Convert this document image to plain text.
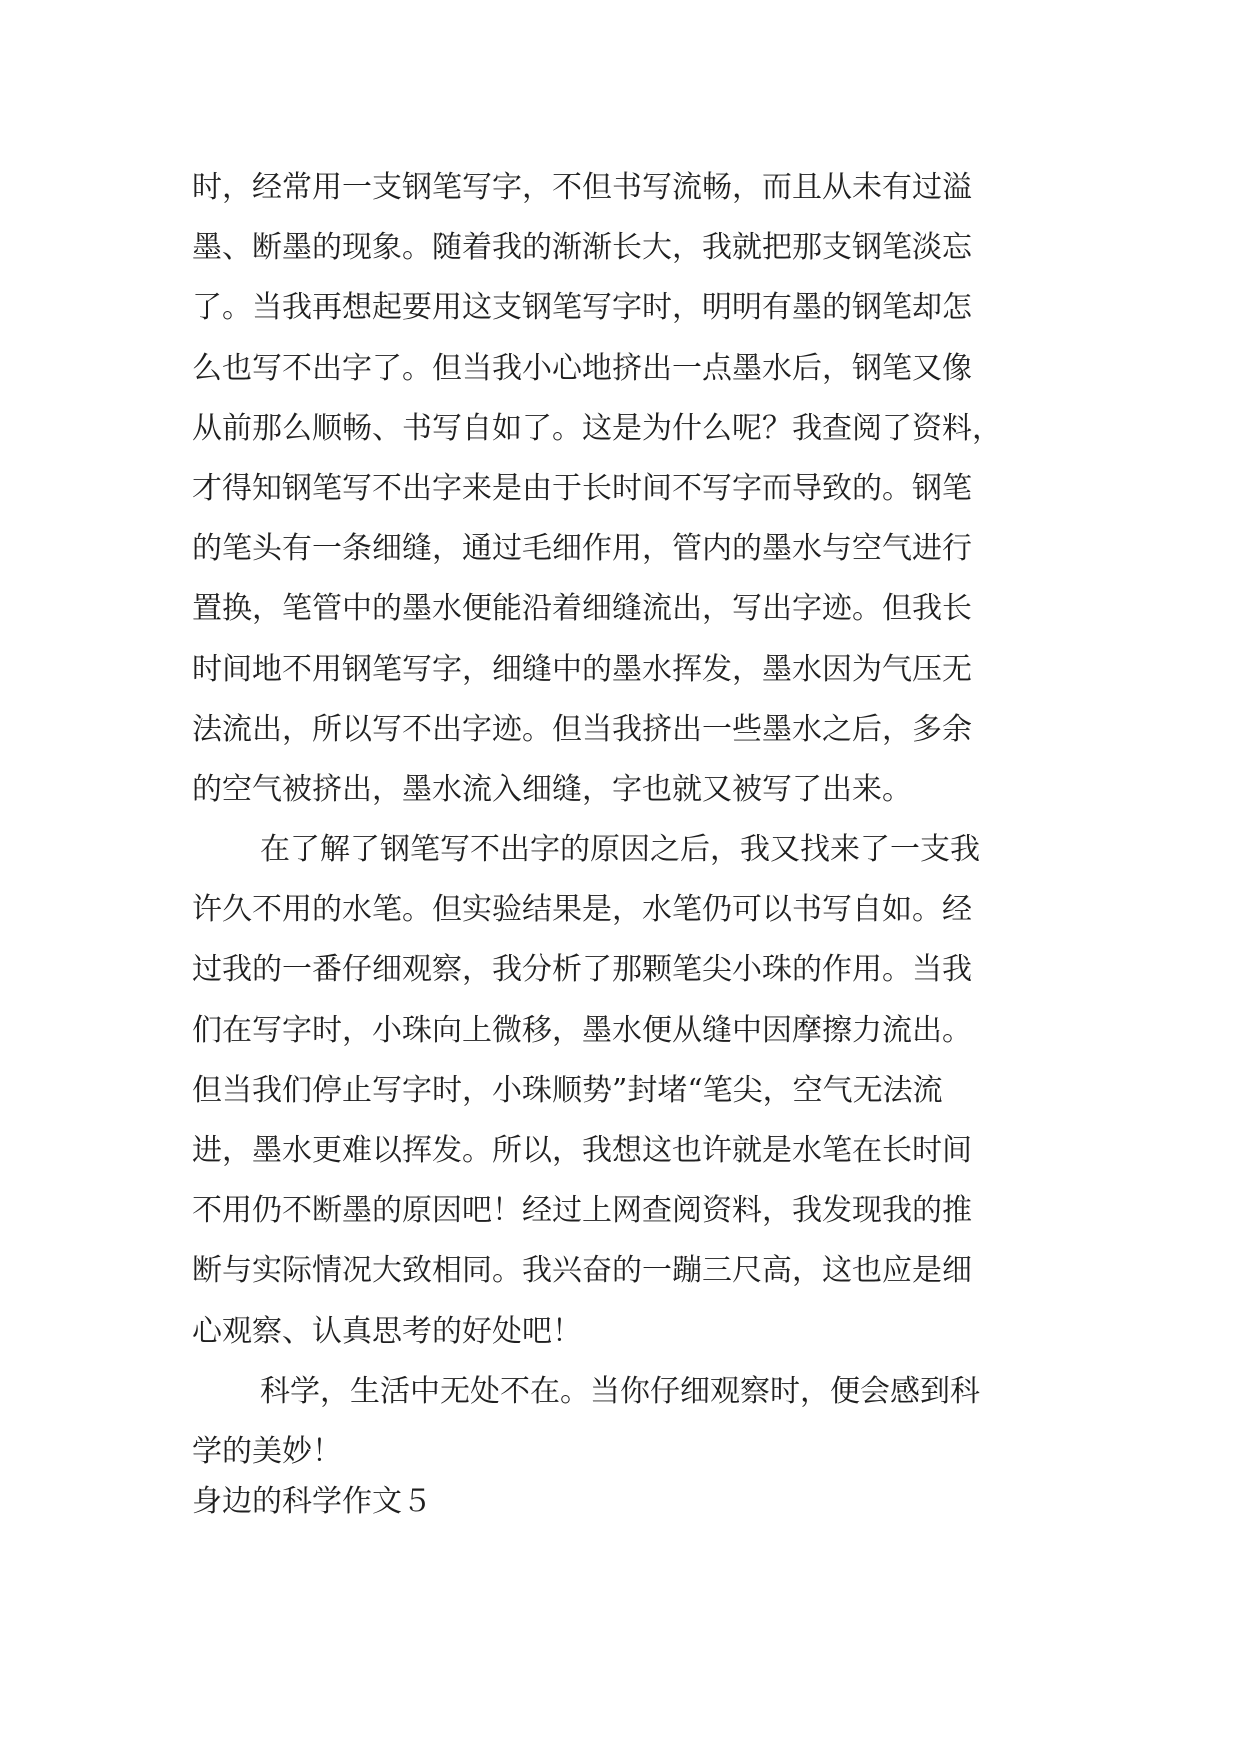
时，经常用一支钢笔写字，不但书写流畅，而且从未有过溢
墨、断墨的现象。随着我的渐渐长大，我就把那支钢笔淡忘
了。当我再想起要用这支钢笔写字时，明明有墨的钢笔却怎
么也写不出字了。但当我小心地挤出一点墨水后，钢笔又像
从前那么顺畅、书写自如了。这是为什么呢？我查阅了资料，
才得知钢笔写不出字来是由于长时间不写字而导致的。钢笔
的笔头有一条细缝，通过毛细作用，管内的墨水与空气进行
置换，笔管中的墨水便能沿着细缝流出，写出字迹。但我长
时间地不用钢笔写字，细缝中的墨水挥发，墨水因为气压无
法流出，所以写不出字迹。但当我挤出一些墨水之后，多余
的空气被挤出，墨水流入细缝，字也就又被写了出来。
在了解了钢笔写不出字的原因之后，我又找来了一支我
许久不用的水笔。但实验结果是，水笔仍可以书写自如。经
过我的一番仔细观察，我分析了那颗笔尖小珠的作用。当我
们在写字时，小珠向上微移，墨水便从缝中因摩擦力流出。
但当我们停止写字时，小珠顺势”封堵“笔尖，空气无法流
进，墨水更难以挥发。所以，我想这也许就是水笔在长时间
不用仍不断墨的原因吧！经过上网查阅资料，我发现我的推
断与实际情况大致相同。我兴奋的一蹦三尺高，这也应是细
心观察、认真思考的好处吧！
科学，生活中无处不在。当你仔细观察时，便会感到科
学的美妙！
身边的科学作文５
